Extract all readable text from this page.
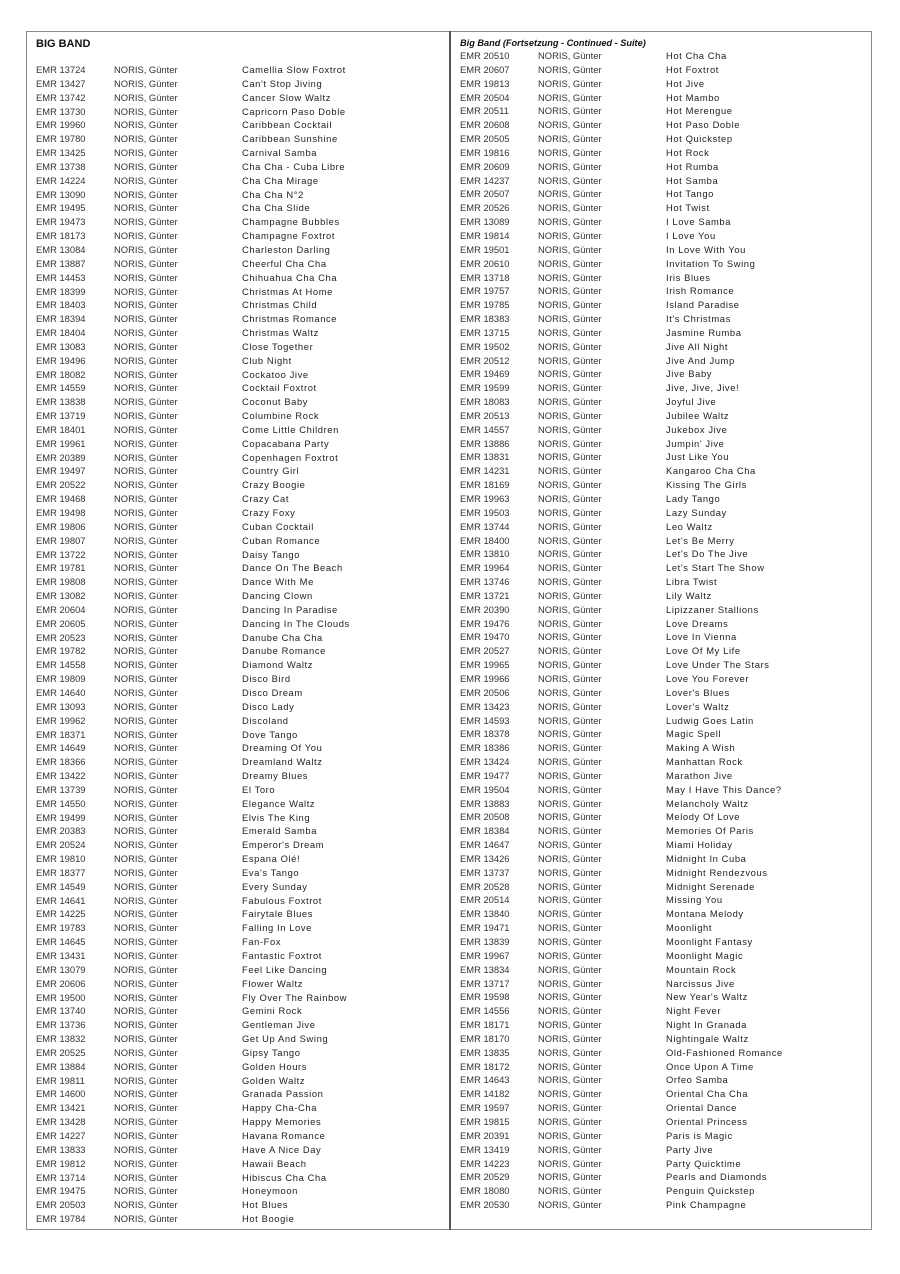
BIG BAND
EMR 13724	NORIS, Günter	Camellia Slow Foxtrot
EMR 13427	NORIS, Günter	Can't Stop Jiving
EMR 13742	NORIS, Günter	Cancer Slow Waltz
EMR 13730	NORIS, Günter	Capricorn Paso Doble
EMR 19960	NORIS, Günter	Caribbean Cocktail
EMR 19780	NORIS, Günter	Caribbean Sunshine
EMR 13425	NORIS, Günter	Carnival Samba
EMR 13738	NORIS, Günter	Cha Cha - Cuba Libre
EMR 14224	NORIS, Günter	Cha Cha Mirage
EMR 13090	NORIS, Günter	Cha Cha N°2
EMR 19495	NORIS, Günter	Cha Cha Slide
EMR 19473	NORIS, Günter	Champagne Bubbles
EMR 18173	NORIS, Günter	Champagne Foxtrot
EMR 13084	NORIS, Günter	Charleston Darling
EMR 13887	NORIS, Günter	Cheerful Cha Cha
EMR 14453	NORIS, Günter	Chihuahua Cha Cha
EMR 18399	NORIS, Günter	Christmas At Home
EMR 18403	NORIS, Günter	Christmas Child
EMR 18394	NORIS, Günter	Christmas Romance
EMR 18404	NORIS, Günter	Christmas Waltz
EMR 13083	NORIS, Günter	Close Together
EMR 19496	NORIS, Günter	Club Night
EMR 18082	NORIS, Günter	Cockatoo Jive
EMR 14559	NORIS, Günter	Cocktail Foxtrot
EMR 13838	NORIS, Günter	Coconut Baby
EMR 13719	NORIS, Günter	Columbine Rock
EMR 18401	NORIS, Günter	Come Little Children
EMR 19961	NORIS, Günter	Copacabana Party
EMR 20389	NORIS, Günter	Copenhagen Foxtrot
EMR 19497	NORIS, Günter	Country Girl
EMR 20522	NORIS, Günter	Crazy Boogie
EMR 19468	NORIS, Günter	Crazy Cat
EMR 19498	NORIS, Günter	Crazy Foxy
EMR 19806	NORIS, Günter	Cuban Cocktail
EMR 19807	NORIS, Günter	Cuban Romance
EMR 13722	NORIS, Günter	Daisy Tango
EMR 19781	NORIS, Günter	Dance On The Beach
EMR 19808	NORIS, Günter	Dance With Me
EMR 13082	NORIS, Günter	Dancing Clown
EMR 20604	NORIS, Günter	Dancing In Paradise
EMR 20605	NORIS, Günter	Dancing In The Clouds
EMR 20523	NORIS, Günter	Danube Cha Cha
EMR 19782	NORIS, Günter	Danube Romance
EMR 14558	NORIS, Günter	Diamond Waltz
EMR 19809	NORIS, Günter	Disco Bird
EMR 14640	NORIS, Günter	Disco Dream
EMR 13093	NORIS, Günter	Disco Lady
EMR 19962	NORIS, Günter	Discoland
EMR 18371	NORIS, Günter	Dove Tango
EMR 14649	NORIS, Günter	Dreaming Of You
EMR 18366	NORIS, Günter	Dreamland Waltz
EMR 13422	NORIS, Günter	Dreamy Blues
EMR 13739	NORIS, Günter	El Toro
EMR 14550	NORIS, Günter	Elegance Waltz
EMR 19499	NORIS, Günter	Elvis The King
EMR 20383	NORIS, Günter	Emerald Samba
EMR 20524	NORIS, Günter	Emperor's Dream
EMR 19810	NORIS, Günter	Espana Olé!
EMR 18377	NORIS, Günter	Eva's Tango
EMR 14549	NORIS, Günter	Every Sunday
EMR 14641	NORIS, Günter	Fabulous Foxtrot
EMR 14225	NORIS, Günter	Fairytale Blues
EMR 19783	NORIS, Günter	Falling In Love
EMR 14645	NORIS, Günter	Fan-Fox
EMR 13431	NORIS, Günter	Fantastic Foxtrot
EMR 13079	NORIS, Günter	Feel Like Dancing
EMR 20606	NORIS, Günter	Flower Waltz
EMR 19500	NORIS, Günter	Fly Over The Rainbow
EMR 13740	NORIS, Günter	Gemini Rock
EMR 13736	NORIS, Günter	Gentleman Jive
EMR 13832	NORIS, Günter	Get Up And Swing
EMR 20525	NORIS, Günter	Gipsy Tango
EMR 13884	NORIS, Günter	Golden Hours
EMR 19811	NORIS, Günter	Golden Waltz
EMR 14600	NORIS, Günter	Granada Passion
EMR 13421	NORIS, Günter	Happy Cha-Cha
EMR 13428	NORIS, Günter	Happy Memories
EMR 14227	NORIS, Günter	Havana Romance
EMR 13833	NORIS, Günter	Have A Nice Day
EMR 19812	NORIS, Günter	Hawaii Beach
EMR 13714	NORIS, Günter	Hibiscus Cha Cha
EMR 19475	NORIS, Günter	Honeymoon
EMR 20503	NORIS, Günter	Hot Blues
EMR 19784	NORIS, Günter	Hot Boogie
Big Band (Fortsetzung - Continued - Suite)
EMR 20510	NORIS, Günter	Hot Cha Cha
EMR 20607	NORIS, Günter	Hot Foxtrot
EMR 19813	NORIS, Günter	Hot Jive
EMR 20504	NORIS, Günter	Hot Mambo
EMR 20511	NORIS, Günter	Hot Merengue
EMR 20608	NORIS, Günter	Hot Paso Doble
EMR 20505	NORIS, Günter	Hot Quickstep
EMR 19816	NORIS, Günter	Hot Rock
EMR 20609	NORIS, Günter	Hot Rumba
EMR 14237	NORIS, Günter	Hot Samba
EMR 20507	NORIS, Günter	Hot Tango
EMR 20526	NORIS, Günter	Hot Twist
EMR 13089	NORIS, Günter	I Love Samba
EMR 19814	NORIS, Günter	I Love You
EMR 19501	NORIS, Günter	In Love With You
EMR 20610	NORIS, Günter	Invitation To Swing
EMR 13718	NORIS, Günter	Iris Blues
EMR 19757	NORIS, Günter	Irish Romance
EMR 19785	NORIS, Günter	Island Paradise
EMR 18383	NORIS, Günter	It's Christmas
EMR 13715	NORIS, Günter	Jasmine Rumba
EMR 19502	NORIS, Günter	Jive All Night
EMR 20512	NORIS, Günter	Jive And Jump
EMR 19469	NORIS, Günter	Jive Baby
EMR 19599	NORIS, Günter	Jive, Jive, Jive!
EMR 18083	NORIS, Günter	Joyful Jive
EMR 20513	NORIS, Günter	Jubilee Waltz
EMR 14557	NORIS, Günter	Jukebox Jive
EMR 13886	NORIS, Günter	Jumpin' Jive
EMR 13831	NORIS, Günter	Just Like You
EMR 14231	NORIS, Günter	Kangaroo Cha Cha
EMR 18169	NORIS, Günter	Kissing The Girls
EMR 19963	NORIS, Günter	Lady Tango
EMR 19503	NORIS, Günter	Lazy Sunday
EMR 13744	NORIS, Günter	Leo Waltz
EMR 18400	NORIS, Günter	Let's Be Merry
EMR 13810	NORIS, Günter	Let's Do The Jive
EMR 19964	NORIS, Günter	Let's Start The Show
EMR 13746	NORIS, Günter	Libra Twist
EMR 13721	NORIS, Günter	Lily Waltz
EMR 20390	NORIS, Günter	Lipizzaner Stallions
EMR 19476	NORIS, Günter	Love Dreams
EMR 19470	NORIS, Günter	Love In Vienna
EMR 20527	NORIS, Günter	Love Of My Life
EMR 19965	NORIS, Günter	Love Under The Stars
EMR 19966	NORIS, Günter	Love You Forever
EMR 20506	NORIS, Günter	Lover's Blues
EMR 13423	NORIS, Günter	Lover's Waltz
EMR 14593	NORIS, Günter	Ludwig Goes Latin
EMR 18378	NORIS, Günter	Magic Spell
EMR 18386	NORIS, Günter	Making A Wish
EMR 13424	NORIS, Günter	Manhattan Rock
EMR 19477	NORIS, Günter	Marathon Jive
EMR 19504	NORIS, Günter	May I Have This Dance?
EMR 13883	NORIS, Günter	Melancholy Waltz
EMR 20508	NORIS, Günter	Melody Of Love
EMR 18384	NORIS, Günter	Memories Of Paris
EMR 14647	NORIS, Günter	Miami Holiday
EMR 13426	NORIS, Günter	Midnight In Cuba
EMR 13737	NORIS, Günter	Midnight Rendezvous
EMR 20528	NORIS, Günter	Midnight Serenade
EMR 20514	NORIS, Günter	Missing You
EMR 13840	NORIS, Günter	Montana Melody
EMR 19471	NORIS, Günter	Moonlight
EMR 13839	NORIS, Günter	Moonlight Fantasy
EMR 19967	NORIS, Günter	Moonlight Magic
EMR 13834	NORIS, Günter	Mountain Rock
EMR 13717	NORIS, Günter	Narcissus Jive
EMR 19598	NORIS, Günter	New Year's Waltz
EMR 14556	NORIS, Günter	Night Fever
EMR 18171	NORIS, Günter	Night In Granada
EMR 18170	NORIS, Günter	Nightingale Waltz
EMR 13835	NORIS, Günter	Old-Fashioned Romance
EMR 18172	NORIS, Günter	Once Upon A Time
EMR 14643	NORIS, Günter	Orfeo Samba
EMR 14182	NORIS, Günter	Oriental Cha Cha
EMR 19597	NORIS, Günter	Oriental Dance
EMR 19815	NORIS, Günter	Oriental Princess
EMR 20391	NORIS, Günter	Paris is Magic
EMR 13419	NORIS, Günter	Party Jive
EMR 14223	NORIS, Günter	Party Quicktime
EMR 20529	NORIS, Günter	Pearls and Diamonds
EMR 18080	NORIS, Günter	Penguin Quickstep
EMR 20530	NORIS, Günter	Pink Champagne
